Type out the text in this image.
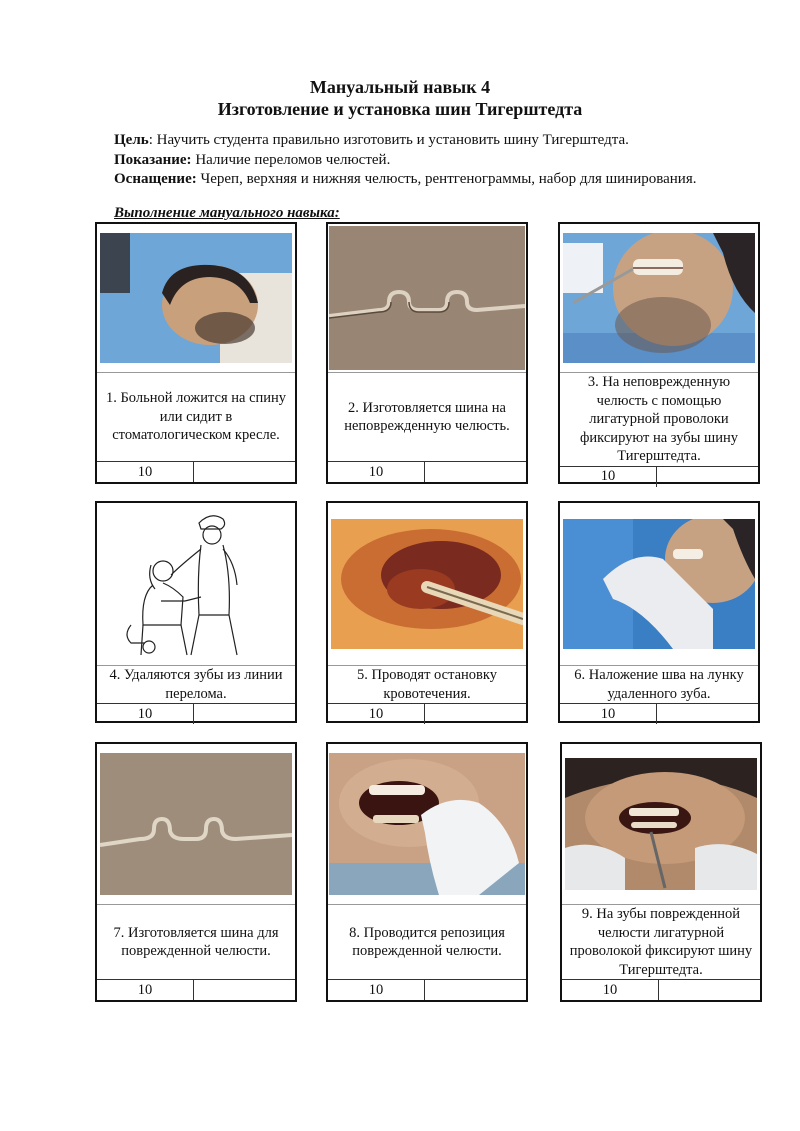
Мануальный навык 4
Изготовление и установка шин Тигерштедта
Цель: Научить студента правильно изготовить и установить шину Тигерштедта.
Показание: Наличие переломов челюстей.
Оснащение: Череп, верхняя и нижняя челюсть, рентгенограммы, набор для шинирования.
Выполнение мануального навыка:
1. Больной ложится на спину или сидит в стоматологическом кресле.
10
2. Изготовляется шина на неповрежденную челюсть.
10
3. На неповрежденную челюсть с помощью лигатурной проволоки фиксируют на зубы шину Тигерштедта.
10
4. Удаляются зубы из линии перелома.
10
5. Проводят остановку кровотечения.
10
6. Наложение шва на лунку удаленного зуба.
10
7. Изготовляется шина для поврежденной челюсти.
10
8. Проводится репозиция поврежденной челюсти.
10
9. На зубы поврежденной челюсти лигатурной проволокой фиксируют шину Тигерштедта.
10
